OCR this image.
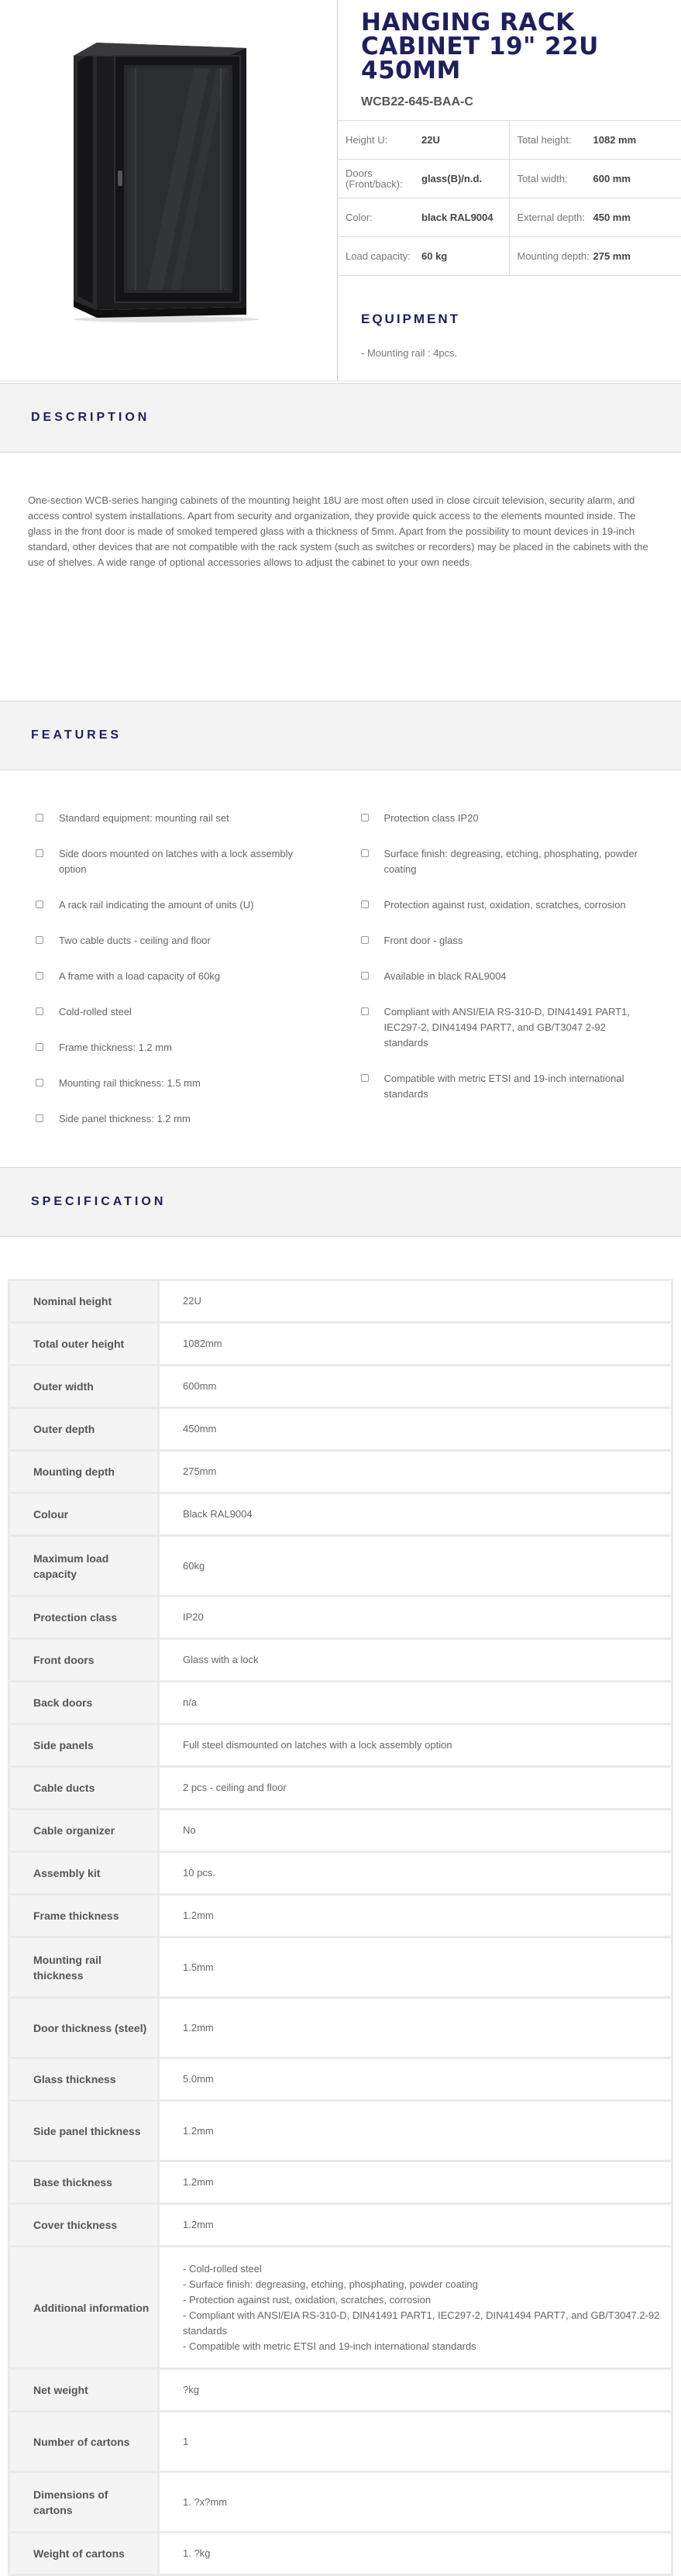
HANGING RACK CABINET 19" 22U 450MM
WCB22-645-BAA-C
Height U:	22U	Total height:	1082 mm
Doors (Front/back):	glass(B)/n.d.	Total width:	600 mm
Color:	black RAL9004	External depth: 450 mm
Load capacity:	60 kg	Mounting depth: 275 mm
EQUIPMENT
- Mounting rail : 4pcs.
DESCRIPTION
One-section WCB-series hanging cabinets of the mounting height 18U are most often used in close circuit television, security alarm, and access control system installations. Apart from security and organization, they provide quick access to the elements mounted inside. The glass in the front door is made of smoked tempered glass with a thickness of 5mm. Apart from the possibility to mount devices in 19-inch standard, other devices that are not compatible with the rack system (such as switches or recorders) may be placed in the cabinets with the use of shelves. A wide range of optional accessories allows to adjust the cabinet to your own needs.
FEATURES
Standard equipment: mounting rail set
Side doors mounted on latches with a lock assembly option
A rack rail indicating the amount of units (U)
Two cable ducts - ceiling and floor
A frame with a load capacity of 60kg
Cold-rolled steel
Frame thickness: 1.2 mm
Mounting rail thickness: 1.5 mm
Side panel thickness: 1.2 mm
Protection class IP20
Surface finish: degreasing, etching, phosphating, powder coating
Protection against rust, oxidation, scratches, corrosion
Front door - glass
Available in black RAL9004
Compliant with ANSI/EIA RS-310-D, DIN41491 PART1, IEC297-2, DIN41494 PART7, and GB/T3047 2-92 standards
Compatible with metric ETSI and 19-inch international standards
SPECIFICATION
Nominal height	22U
Total outer height	1082mm
Outer width	600mm
Outer depth	450mm
Mounting depth	275mm
Colour	Black RAL9004
Maximum load capacity	60kg
Protection class	IP20
Front doors	Glass with a lock
Back doors	n/a
Side panels	Full steel dismounted on latches with a lock assembly option
Cable ducts	2 pcs - ceiling and floor
Cable organizer	No
Assembly kit	10 pcs.
Frame thickness	1.2mm
Mounting rail thickness	1.5mm
Door thickness (steel)	1.2mm
Glass thickness	5.0mm
Side panel thickness	1.2mm
Base thickness	1.2mm
Cover thickness	1.2mm
Additional information	- Cold-rolled steel
- Surface finish: degreasing, etching, phosphating, powder coating
- Protection against rust, oxidation, scratches, corrosion
- Compliant with ANSI/EIA RS-310-D, DIN41491 PART1, IEC297-2, DIN41494 PART7, and GB/T3047.2-92 standards
- Compatible with metric ETSI and 19-inch international standards
Net weight	?kg
Number of cartons	1
Dimensions of cartons	1. ?x?mm
Weight of cartons	1. ?kg
